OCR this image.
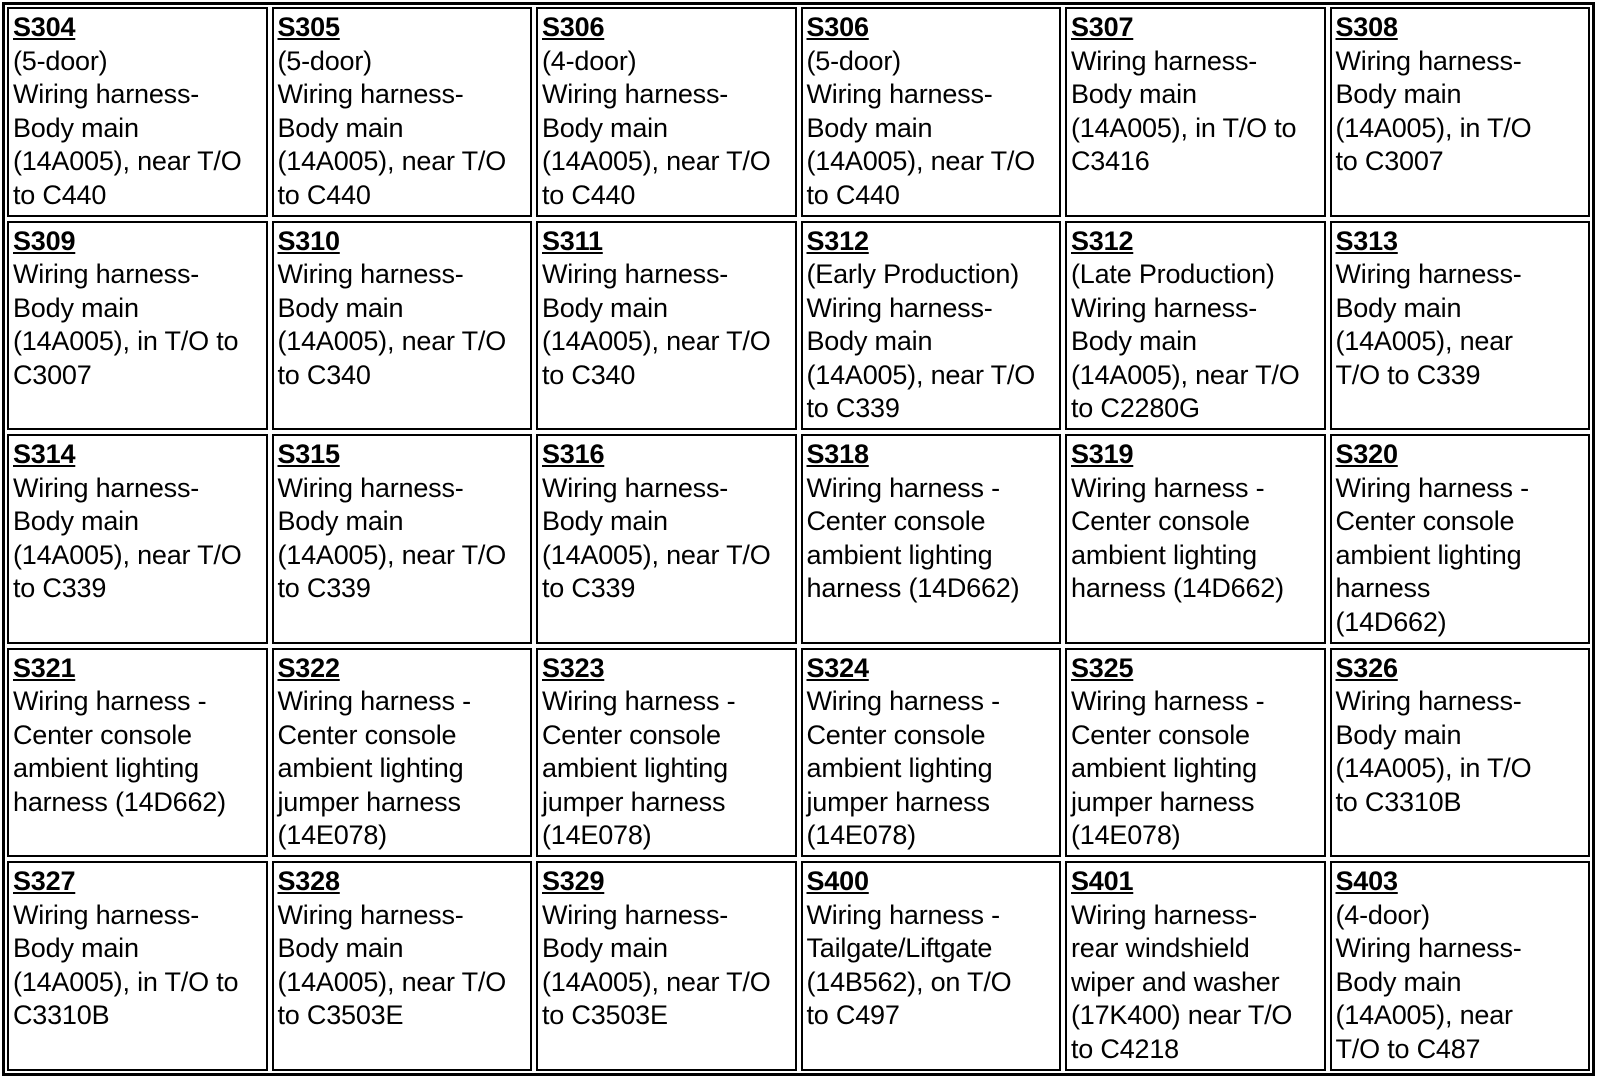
S304
(5-door)
Wiring harness-
Body main
(14A005), near T/O
to C440
S305
(5-door)
Wiring harness-
Body main
(14A005), near T/O
to C440
S306
(4-door)
Wiring harness-
Body main
(14A005), near T/O
to C440
S306
(5-door)
Wiring harness-
Body main
(14A005), near T/O
to C440
S307
Wiring harness-
Body main
(14A005), in T/O to
C3416
S308
Wiring harness-
Body main
(14A005), in T/O
to C3007
S309
Wiring harness-
Body main
(14A005), in T/O to
C3007
S310
Wiring harness-
Body main
(14A005), near T/O
to C340
S311
Wiring harness-
Body main
(14A005), near T/O
to C340
S312
(Early Production)
Wiring harness-
Body main
(14A005), near T/O
to C339
S312
(Late Production)
Wiring harness-
Body main
(14A005), near T/O
to C2280G
S313
Wiring harness-
Body main
(14A005), near
T/O to C339
S314
Wiring harness-
Body main
(14A005), near T/O
to C339
S315
Wiring harness-
Body main
(14A005), near T/O
to C339
S316
Wiring harness-
Body main
(14A005), near T/O
to C339
S318
Wiring harness -
Center console
ambient lighting
harness (14D662)
S319
Wiring harness -
Center console
ambient lighting
harness (14D662)
S320
Wiring harness -
Center console
ambient lighting
harness
(14D662)
S321
Wiring harness -
Center console
ambient lighting
harness (14D662)
S322
Wiring harness -
Center console
ambient lighting
jumper harness
(14E078)
S323
Wiring harness -
Center console
ambient lighting
jumper harness
(14E078)
S324
Wiring harness -
Center console
ambient lighting
jumper harness
(14E078)
S325
Wiring harness -
Center console
ambient lighting
jumper harness
(14E078)
S326
Wiring harness-
Body main
(14A005), in T/O
to C3310B
S327
Wiring harness-
Body main
(14A005), in T/O to
C3310B
S328
Wiring harness-
Body main
(14A005), near T/O
to C3503E
S329
Wiring harness-
Body main
(14A005), near T/O
to C3503E
S400
Wiring harness -
Tailgate/Liftgate
(14B562), on T/O
to C497
S401
Wiring harness-
rear windshield
wiper and washer
(17K400) near T/O
to C4218
S403
(4-door)
Wiring harness-
Body main
(14A005), near
T/O to C487
